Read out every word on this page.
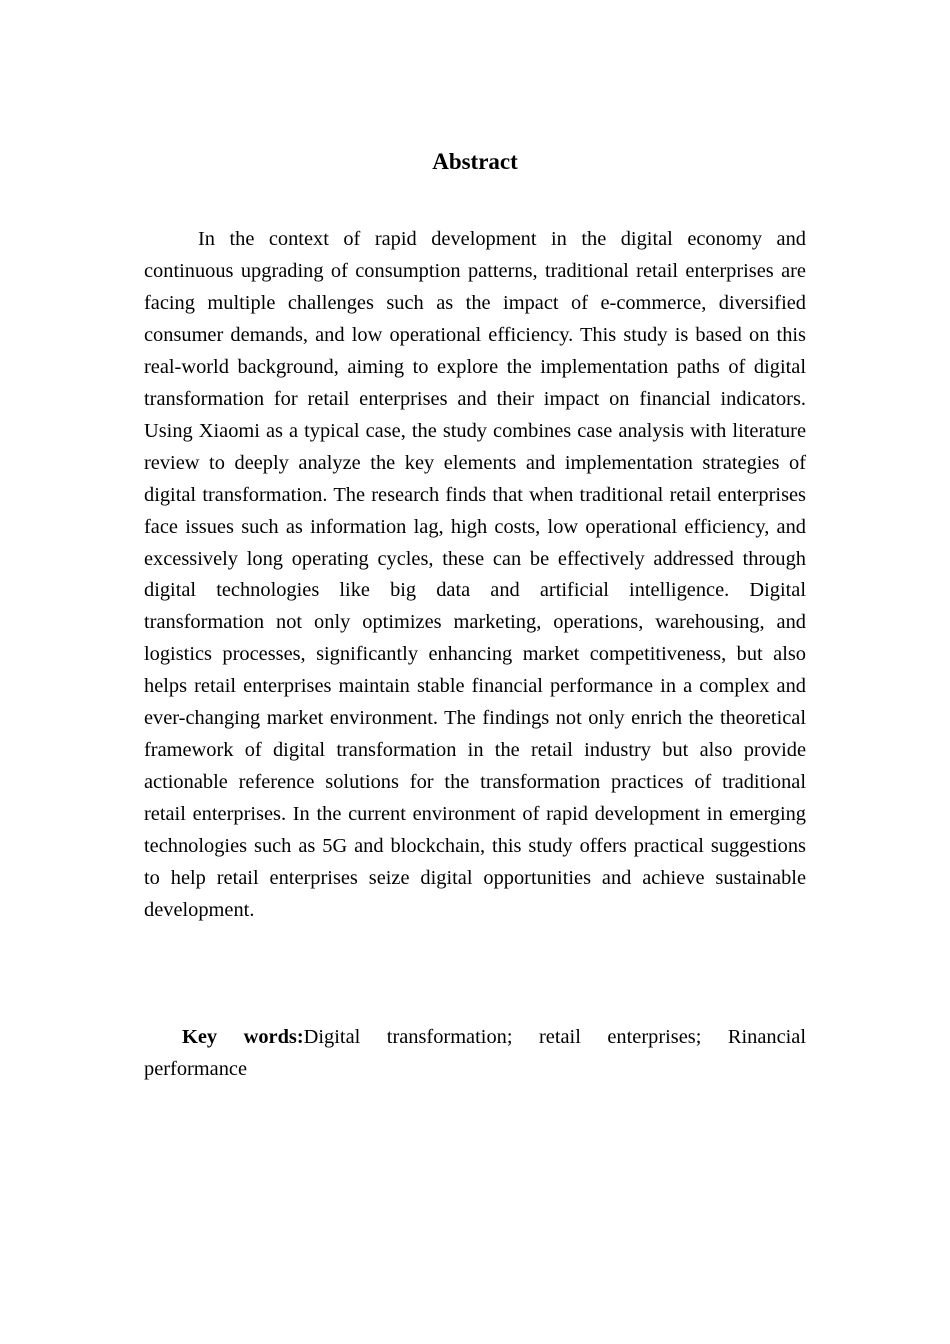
Abstract

In the context of rapid development in the digital economy and continuous upgrading of consumption patterns, traditional retail enterprises are facing multiple challenges such as the impact of e-commerce, diversified consumer demands, and low operational efficiency. This study is based on this real-world background, aiming to explore the implementation paths of digital transformation for retail enterprises and their impact on financial indicators. Using Xiaomi as a typical case, the study combines case analysis with literature review to deeply analyze the key elements and implementation strategies of digital transformation. The research finds that when traditional retail enterprises face issues such as information lag, high costs, low operational efficiency, and excessively long operating cycles, these can be effectively addressed through digital technologies like big data and artificial intelligence. Digital transformation not only optimizes marketing, operations, warehousing, and logistics processes, significantly enhancing market competitiveness, but also helps retail enterprises maintain stable financial performance in a complex and ever-changing market environment. The findings not only enrich the theoretical framework of digital transformation in the retail industry but also provide actionable reference solutions for the transformation practices of traditional retail enterprises. In the current environment of rapid development in emerging technologies such as 5G and blockchain, this study offers practical suggestions to help retail enterprises seize digital opportunities and achieve sustainable development.

Key words:Digital transformation; retail enterprises; Rinancial performance
